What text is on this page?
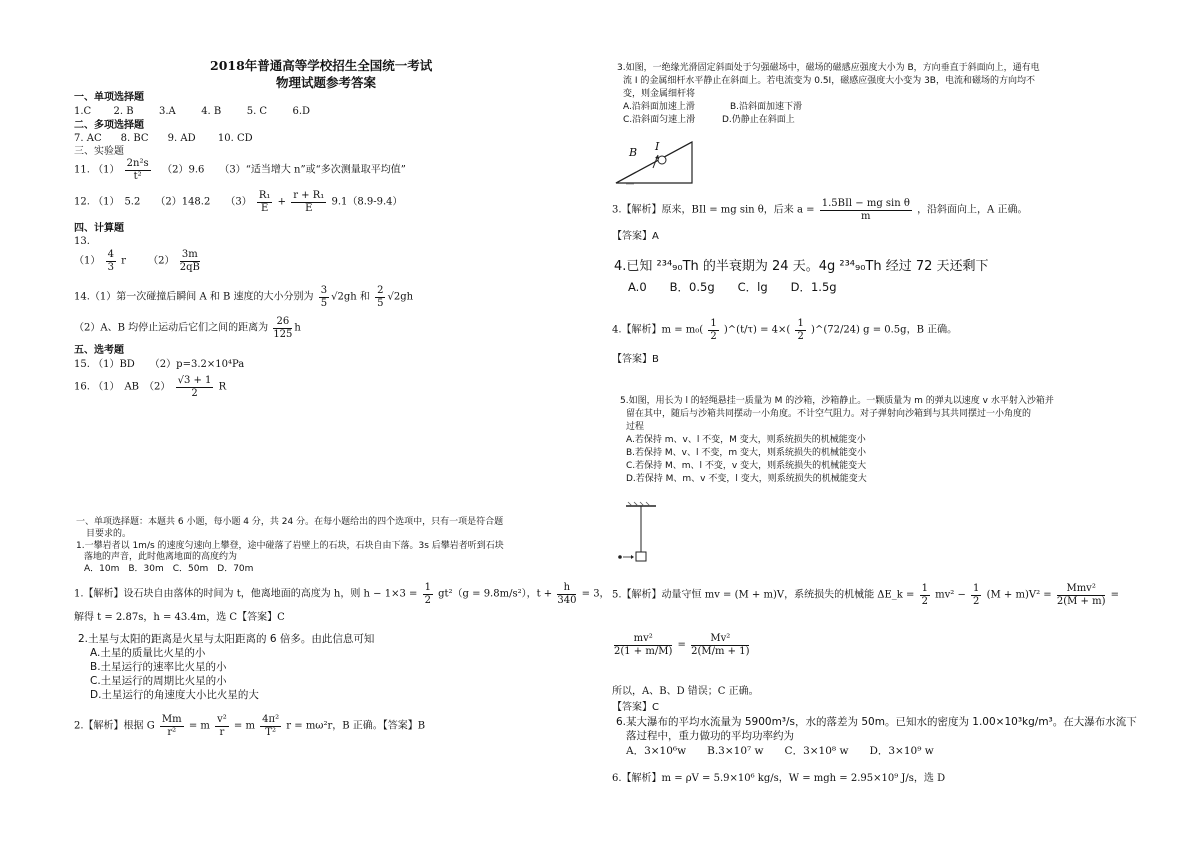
2018年普通高等学校招生全国统一考试
物理试题参考答案
一、单项选择题
1.C 2. B	3.A	4. B	5. C	6.D
二、多项选择题
7. AC 8. BC 9. AD 10. CD
三、实验题
11. $(1) \frac{\text{2n²s}}{\text{t²}} (2)9.6$　　（3）“适当增大 n”或“多次测量取平均值”
12. （1）　5.2　　（2）148.2　　$(3) \frac{\text{R₁}}{E} + \frac{\text{r + R₁}}{E} 9.1(8.9-9.4)$
四、计算题
13.
$(1) \frac{4}{3}$ r $(2) \frac{3m}{2qB}$
14.（1）第一次碰撞后瞬间 A 和 B 速度的大小分别为 $\frac{3}{5} √2gh$ 和 $\frac{2}{5} √2gh$
（2）A、B 均停止运动后它们之间的距离为 $\frac{26}{125}$ h
五、选考题
15. （1）BD　　（2）p=3.2×10⁴Pa
16. （1）　AB　$(2) \frac{√3 + 1}{2}$ R
一、单项选择题：本题共 6 小题，每小题 4 分，共 24 分。在每小题给出的四个选项中，只有一项是符合题
目要求的。
1.一攀岩者以 1m/s 的速度匀速向上攀登，途中碰落了岩壁上的石块，石块自由下落。3s 后攀岩者听到石块
落地的声音，此时他离地面的高度约为
A．10m　B．30m　C．50m　D．70m
1.【解析】设石块自由落体的时间为 t，他离地面的高度为 h，则 $h - 1\times 3 = \frac{1}{2} gt^2(g = 9.8m/s^2)$，$t + \frac{h}{340} = 3$，
解得 t = 2.87s，h = 43.4m，选 C【答案】C
2.土星与太阳的距离是火星与太阳距离的 6 倍多。由此信息可知
A.土星的质量比火星的小
B.土星运行的速率比火星的小
C.土星运行的周期比火星的小
D.土星运行的角速度大小比火星的大
2.【解析】根据 G $\frac{Mm}{\text{r²}} = m \frac{\text{v²}}{r} = m \frac{\text{4π²}}{\text{T²}}$ r = mω²r，B 正确。【答案】B
3.如图，一绝缘光滑固定斜面处于匀强磁场中，磁场的磁感应强度大小为 B，方向垂直于斜面向上，通有电
流 I 的金属细杆水平静止在斜面上。若电流变为 0.5I，磁感应强度大小变为 3B，电流和磁场的方向均不
变，则金属细杆将
A.沿斜面加速上滑	B.沿斜面加速下滑
C.沿斜面匀速上滑	D.仍静止在斜面上
B I
3.【解析】原来，BIl = mg sin θ，后来 $a = \frac{\text{1.5BIl − mg sin θ}}{m}$ ，沿斜面向上，A 正确。
【答案】A
4.已知 ²³⁴₉₀Th 的半衰期为 24 天。4g ²³⁴₉₀Th 经过 72 天还剩下
A.0　　B．0.5g　　C．lg　　D．1.5g
4.【解析】$m = m_0( \frac{1}{2}$ )^(t/τ) = $4\times( \frac{1}{2}$ )^(72/24) g = 0.5g，B 正确。
【答案】B
5.如图，用长为 l 的轻绳悬挂一质量为 M 的沙箱，沙箱静止。一颗质量为 m 的弹丸以速度 v 水平射入沙箱并
留在其中，随后与沙箱共同摆动一小角度。不计空气阻力。对子弹射向沙箱到与其共同摆过一小角度的
过程
A.若保持 m、v、l 不变，M 变大，则系统损失的机械能变小
B.若保持 M、v、l 不变，m 变大，则系统损失的机械能变小
C.若保持 M、m、l 不变，v 变大，则系统损失的机械能变大
D.若保持 M、m、v 不变，l 变大，则系统损失的机械能变大
5.【解析】动量守恒 mv = (M + m)V，系统损失的机械能 ΔE_k = $\frac{1}{2} mv^2 - \frac{1}{2} (M + m)V^2 = \frac{\text{Mmv²}}{2(M + m)}$ =
$\frac{\text{mv²}}{2(1 + m/M)} = \frac{\text{Mv²}}{2(M/m + 1)}$
所以，A、B、D 错误；C 正确。
【答案】C
6.某大瀑布的平均水流量为 5900m³/s，水的落差为 50m。已知水的密度为 1.00×10³kg/m³。在大瀑布水流下
落过程中，重力做功的平均功率约为
A．3×10⁶w　　B.3×10⁷ w　　C．3×10⁸ w　　D．3×10⁹ w
6.【解析】m = ρV = 5.9×10⁶ kg/s，W = mgh = 2.95×10⁹ J/s，选 D
